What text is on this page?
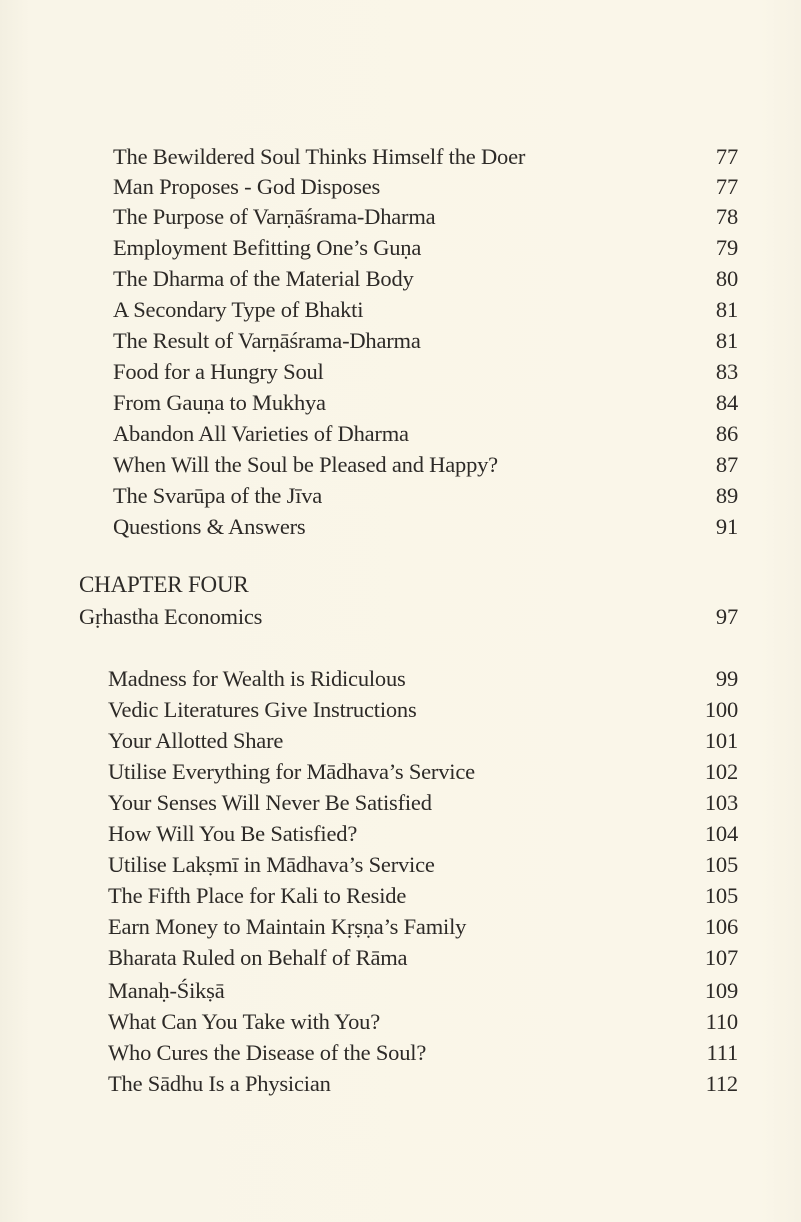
The Bewildered Soul Thinks Himself the Doer	77
Man Proposes - God Disposes	77
The Purpose of Varṇāśrama-Dharma	78
Employment Befitting One’s Guṇa	79
The Dharma of the Material Body	80
A Secondary Type of Bhakti	81
The Result of Varṇāśrama-Dharma	81
Food for a Hungry Soul	83
From Gauṇa to Mukhya	84
Abandon All Varieties of Dharma	86
When Will the Soul be Pleased and Happy?	87
The Svarūpa of the Jīva	89
Questions & Answers	91
CHAPTER FOUR
Gṛhastha Economics	97
Madness for Wealth is Ridiculous	99
Vedic Literatures Give Instructions	100
Your Allotted Share	101
Utilise Everything for Mādhava’s Service	102
Your Senses Will Never Be Satisfied	103
How Will You Be Satisfied?	104
Utilise Lakṣmī in Mādhava’s Service	105
The Fifth Place for Kali to Reside	105
Earn Money to Maintain Kṛṣṇa’s Family	106
Bharata Ruled on Behalf of Rāma	107
Manaḥ-Śikṣā	109
What Can You Take with You?	110
Who Cures the Disease of the Soul?	111
The Sādhu Is a Physician	112
